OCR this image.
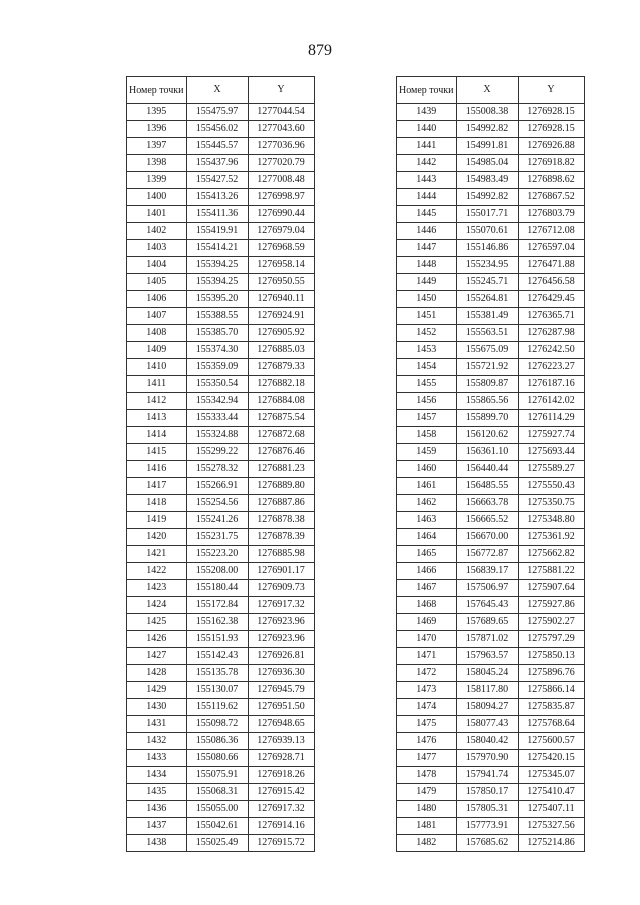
879
Номер точки	X	Y
1395	155475.97	1277044.54
1396	155456.02	1277043.60
1397	155445.57	1277036.96
1398	155437.96	1277020.79
1399	155427.52	1277008.48
1400	155413.26	1276998.97
1401	155411.36	1276990.44
1402	155419.91	1276979.04
1403	155414.21	1276968.59
1404	155394.25	1276958.14
1405	155394.25	1276950.55
1406	155395.20	1276940.11
1407	155388.55	1276924.91
1408	155385.70	1276905.92
1409	155374.30	1276885.03
1410	155359.09	1276879.33
1411	155350.54	1276882.18
1412	155342.94	1276884.08
1413	155333.44	1276875.54
1414	155324.88	1276872.68
1415	155299.22	1276876.46
1416	155278.32	1276881.23
1417	155266.91	1276889.80
1418	155254.56	1276887.86
1419	155241.26	1276878.38
1420	155231.75	1276878.39
1421	155223.20	1276885.98
1422	155208.00	1276901.17
1423	155180.44	1276909.73
1424	155172.84	1276917.32
1425	155162.38	1276923.96
1426	155151.93	1276923.96
1427	155142.43	1276926.81
1428	155135.78	1276936.30
1429	155130.07	1276945.79
1430	155119.62	1276951.50
1431	155098.72	1276948.65
1432	155086.36	1276939.13
1433	155080.66	1276928.71
1434	155075.91	1276918.26
1435	155068.31	1276915.42
1436	155055.00	1276917.32
1437	155042.61	1276914.16
1438	155025.49	1276915.72
Номер точки	X	Y
1439	155008.38	1276928.15
1440	154992.82	1276928.15
1441	154991.81	1276926.88
1442	154985.04	1276918.82
1443	154983.49	1276898.62
1444	154992.82	1276867.52
1445	155017.71	1276803.79
1446	155070.61	1276712.08
1447	155146.86	1276597.04
1448	155234.95	1276471.88
1449	155245.71	1276456.58
1450	155264.81	1276429.45
1451	155381.49	1276365.71
1452	155563.51	1276287.98
1453	155675.09	1276242.50
1454	155721.92	1276223.27
1455	155809.87	1276187.16
1456	155865.56	1276142.02
1457	155899.70	1276114.29
1458	156120.62	1275927.74
1459	156361.10	1275693.44
1460	156440.44	1275589.27
1461	156485.55	1275550.43
1462	156663.78	1275350.75
1463	156665.52	1275348.80
1464	156670.00	1275361.92
1465	156772.87	1275662.82
1466	156839.17	1275881.22
1467	157506.97	1275907.64
1468	157645.43	1275927.86
1469	157689.65	1275902.27
1470	157871.02	1275797.29
1471	157963.57	1275850.13
1472	158045.24	1275896.76
1473	158117.80	1275866.14
1474	158094.27	1275835.87
1475	158077.43	1275768.64
1476	158040.42	1275600.57
1477	157970.90	1275420.15
1478	157941.74	1275345.07
1479	157850.17	1275410.47
1480	157805.31	1275407.11
1481	157773.91	1275327.56
1482	157685.62	1275214.86
